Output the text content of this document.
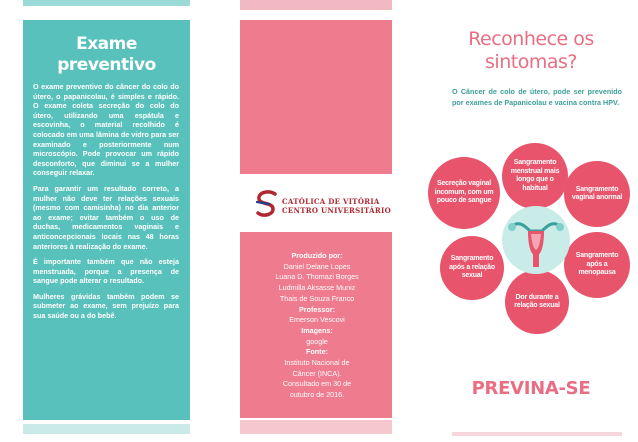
Exame
preventivo

O exame preventivo do câncer do colo do útero, o papanicolau, é simples e rápido. O exame coleta secreção do colo do útero, utilizando uma espátula e escovinha, o material recolhido é colocado em uma lâmina de vidro para ser examinado e posteriormente num microscópio. Pode provocar um rápido desconforto, que diminui se a mulher conseguir relaxar.

Para garantir um resultado correto, a mulher não deve ter relações sexuais (mesmo com camisinha) no dia anterior ao exame; evitar também o uso de duchas, medicamentos vaginais e anticoncepcionais locais nas 48 horas anteriores à realização do exame.

É importante também que não esteja menstruada, porque a presença de sangue pode alterar o resultado.

Mulheres grávidas também podem se submeter ao exame, sem prejuízo para sua saúde ou a do bebê.

CATÓLICA DE VITÓRIA
CENTRO UNIVERSITÁRIO
Produzido por:
Daniel Delane Lopes
Luana D. Thomazi Borges
Ludmilla Aksasse Muniz
Thais de Souza Franco
Professor:
Emerson Vescovi
Imagens:
google
Fonte:
Instituto Nacional de
Câncer (INCA).
Consultado em 30 de
outubro de 2016.
Reconhece os
sintomas?
O Câncer de colo de útero, pode ser prevenido por exames de Papanicolau e vacina contra HPV.
Sangramento menstrual mais longo que o habitual	Sangramento vaginal anormal
Sangramento após a menopausa
Dor durante a relação sexual
Sangramento após a relação sexual
Secreção vaginal incomum, com um pouco de sangue
PREVINA-SE
